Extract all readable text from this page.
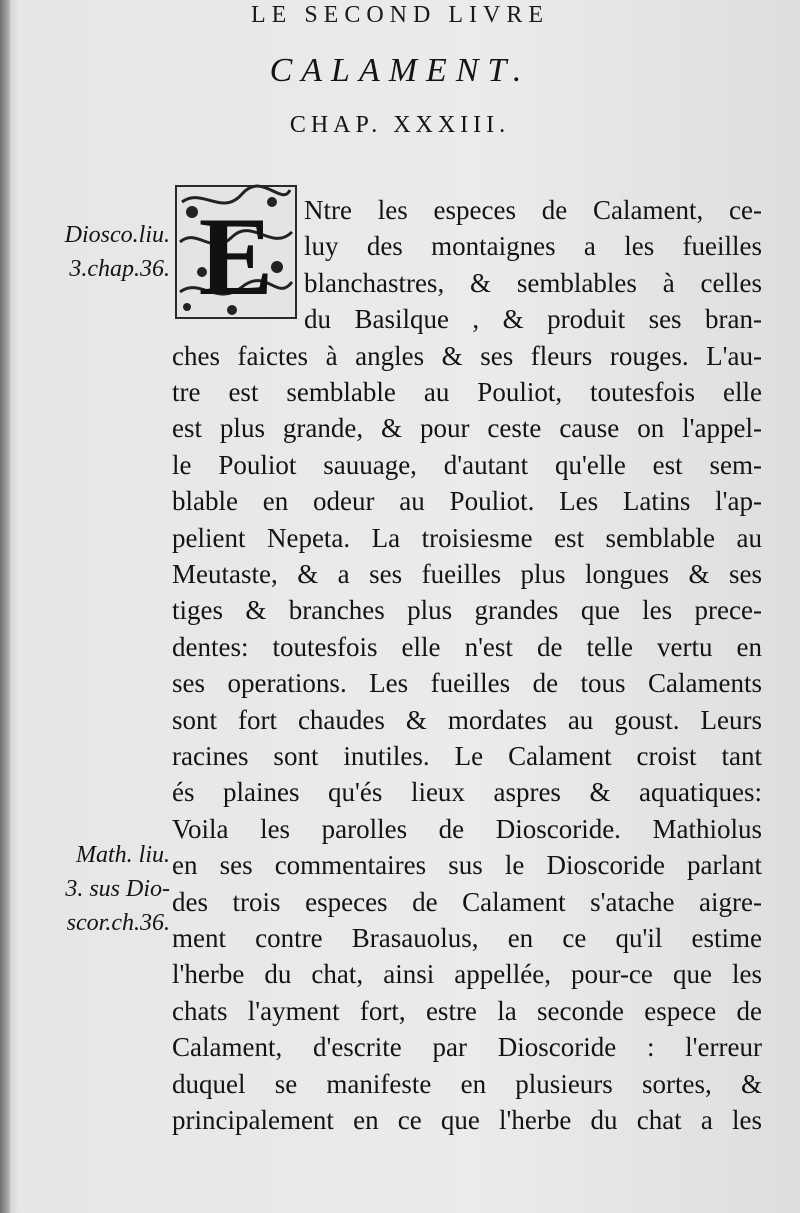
LE SECOND LIVRE
CALAMENT.
CHAP. XXXIII.
E
Diosco.liu.
3.chap.36.
Math. liu.
3. sus Dio-
scor.ch.36.
Ntre les especes de Calament, ce-
luy des montaignes a les fueilles
blanchastres, & semblables à celles
du Basilque , & produit ses bran-
ches faictes à angles & ses fleurs rouges. L'au-
tre est semblable au Pouliot, toutesfois elle
est plus grande, & pour ceste cause on l'appel-
le Pouliot sauuage, d'autant qu'elle est sem-
blable en odeur au Pouliot. Les Latins l'ap-
pelient Nepeta. La troisiesme est semblable au
Meutaste, & a ses fueilles plus longues & ses
tiges & branches plus grandes que les prece-
dentes: toutesfois elle n'est de telle vertu en
ses operations. Les fueilles de tous Calaments
sont fort chaudes & mordates au goust. Leurs
racines sont inutiles. Le Calament croist tant
és plaines qu'és lieux aspres & aquatiques:
Voila les parolles de Dioscoride. Mathiolus
en ses commentaires sus le Dioscoride parlant
des trois especes de Calament s'atache aigre-
ment contre Brasauolus, en ce qu'il estime
l'herbe du chat, ainsi appellée, pour-ce que les
chats l'ayment fort, estre la seconde espece de
Calament, d'escrite par Dioscoride : l'erreur
duquel se manifeste en plusieurs sortes, &
principalement en ce que l'herbe du chat a les
